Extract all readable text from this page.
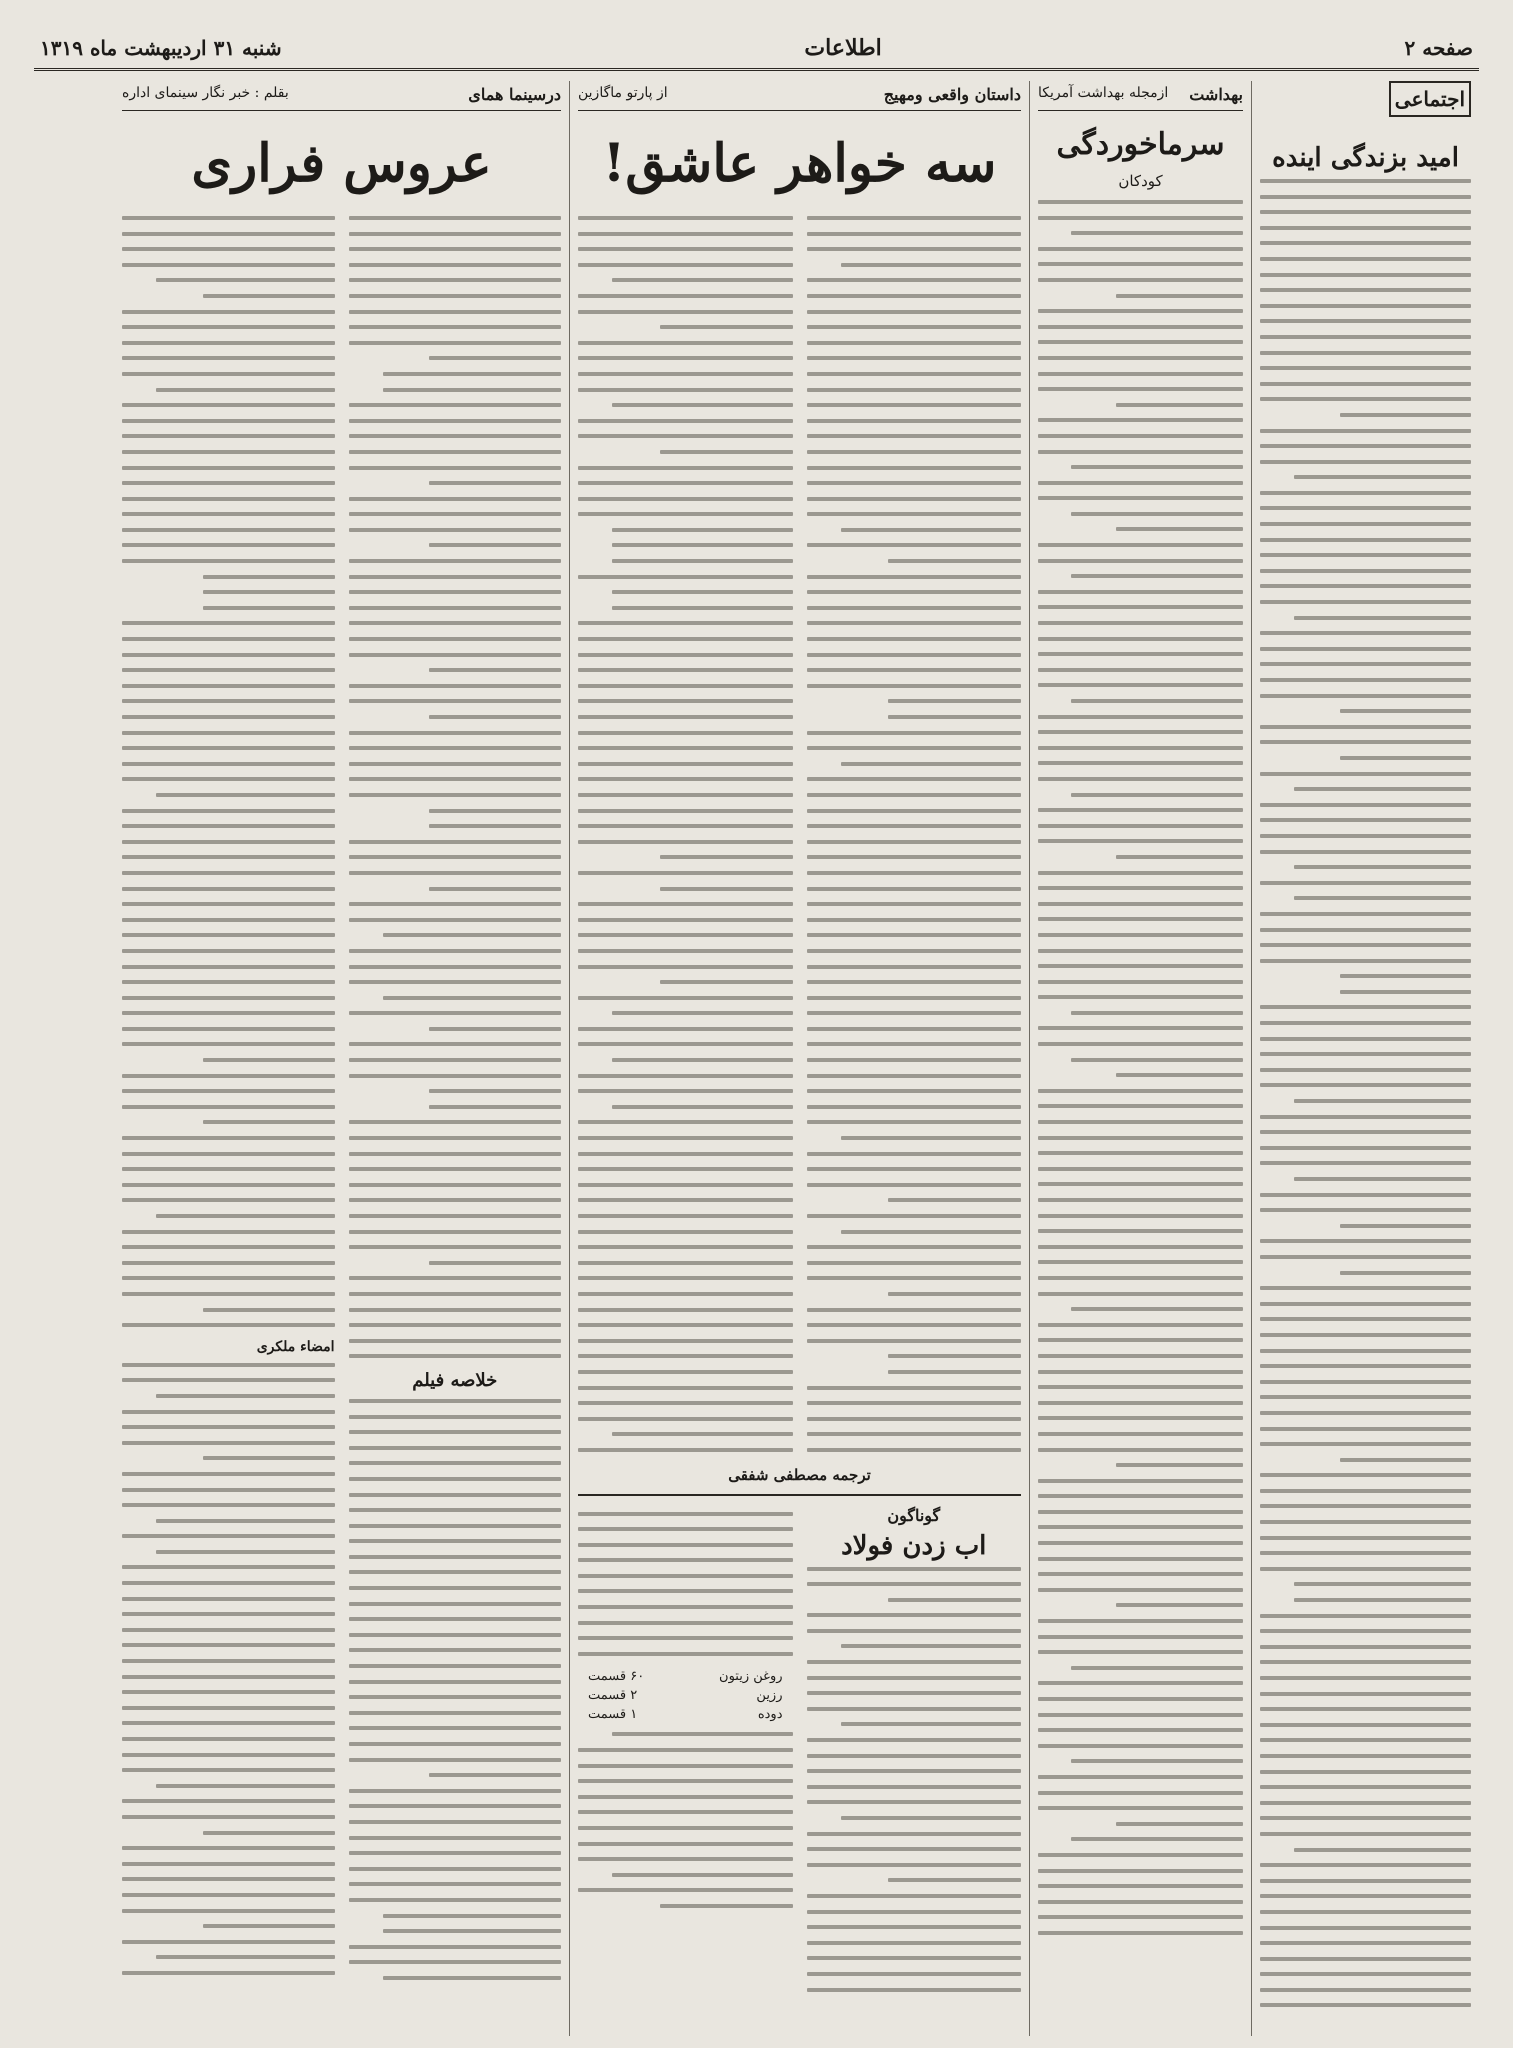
صفحه ۲
اطلاعات
شنبه ۳۱ اردیبهشت ماه ۱۳۱۹
اجتماعی
امید بزندگی اینده
بهداشت
ازمجله بهداشت آمریکا
سرماخوردگی
کودکان
داستان واقعی ومهیج
از پارتو ماگازین
سه خواهر عاشق!
ترجمه مصطفی شفقی
گوناگون
اب زدن فولاد
روغن زیتون
۶۰ قسمت
رزین
۲ قسمت
دوده
۱ قسمت
درسینما همای
بقلم : خبر نگار سینمای اداره
عروس فراری
خلاصه فیلم
امضاء ملکری
